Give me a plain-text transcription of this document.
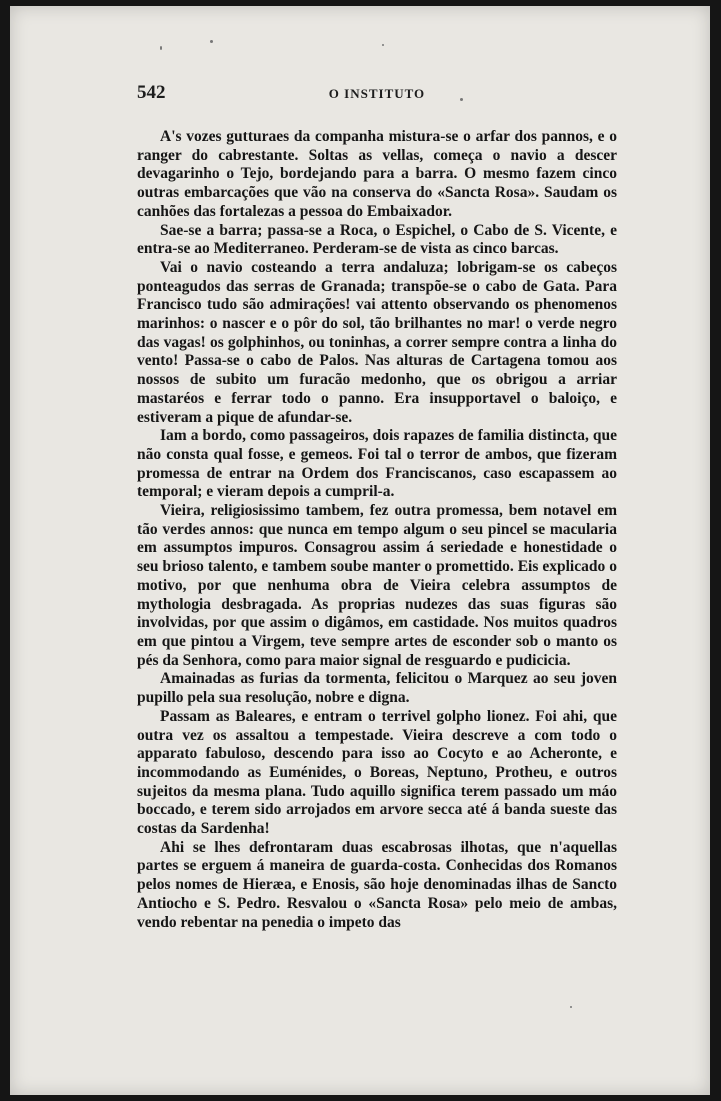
542	O INSTITUTO

A's vozes gutturaes da companha mistura-se o arfar dos pannos, e o ranger do cabrestante. Soltas as vellas, começa o navio a descer devagarinho o Tejo, bordejando para a barra. O mesmo fazem cinco outras embarcações que vão na conserva do «Sancta Rosa». Saudam os canhões das fortalezas a pessoa do Embaixador.

Sae-se a barra; passa-se a Roca, o Espichel, o Cabo de S. Vicente, e entra-se ao Mediterraneo. Perderam-se de vista as cinco barcas.

Vai o navio costeando a terra andaluza; lobrigam-se os cabeços ponteagudos das serras de Granada; transpõe-se o cabo de Gata. Para Francisco tudo são admirações! vai attento observando os phenomenos marinhos: o nascer e o pôr do sol, tão brilhantes no mar! o verde negro das vagas! os golphinhos, ou toninhas, a correr sempre contra a linha do vento! Passa-se o cabo de Palos. Nas alturas de Cartagena tomou aos nossos de subito um furacão medonho, que os obrigou a arriar mastaréos e ferrar todo o panno. Era insupportavel o baloiço, e estiveram a pique de afundar-se.

Iam a bordo, como passageiros, dois rapazes de familia distincta, que não consta qual fosse, e gemeos. Foi tal o terror de ambos, que fizeram promessa de entrar na Ordem dos Franciscanos, caso escapassem ao temporal; e vieram depois a cumpril-a.

Vieira, religiosissimo tambem, fez outra promessa, bem notavel em tão verdes annos: que nunca em tempo algum o seu pincel se macularia em assumptos impuros. Consagrou assim á seriedade e honestidade o seu brioso talento, e tambem soube manter o promettido. Eis explicado o motivo, por que nenhuma obra de Vieira celebra assumptos de mythologia desbragada. As proprias nudezes das suas figuras são involvidas, por que assim o digâmos, em castidade. Nos muitos quadros em que pintou a Virgem, teve sempre artes de esconder sob o manto os pés da Senhora, como para maior signal de resguardo e pudicicia.

Amainadas as furias da tormenta, felicitou o Marquez ao seu joven pupillo pela sua resolução, nobre e digna.

Passam as Baleares, e entram o terrivel golpho lionez. Foi ahi, que outra vez os assaltou a tempestade. Vieira descreve a com todo o apparato fabuloso, descendo para isso ao Cocyto e ao Acheronte, e incommodando as Euménides, o Boreas, Neptuno, Protheu, e outros sujeitos da mesma plana. Tudo aquillo significa terem passado um máo boccado, e terem sido arrojados em arvore secca até á banda sueste das costas da Sardenha!

Ahi se lhes defrontaram duas escabrosas ilhotas, que n'aquellas partes se erguem á maneira de guarda-costa. Conhecidas dos Romanos pelos nomes de Hieræa, e Enosis, são hoje denominadas ilhas de Sancto Antiocho e S. Pedro. Resvalou o «Sancta Rosa» pelo meio de ambas, vendo rebentar na penedia o impeto das
